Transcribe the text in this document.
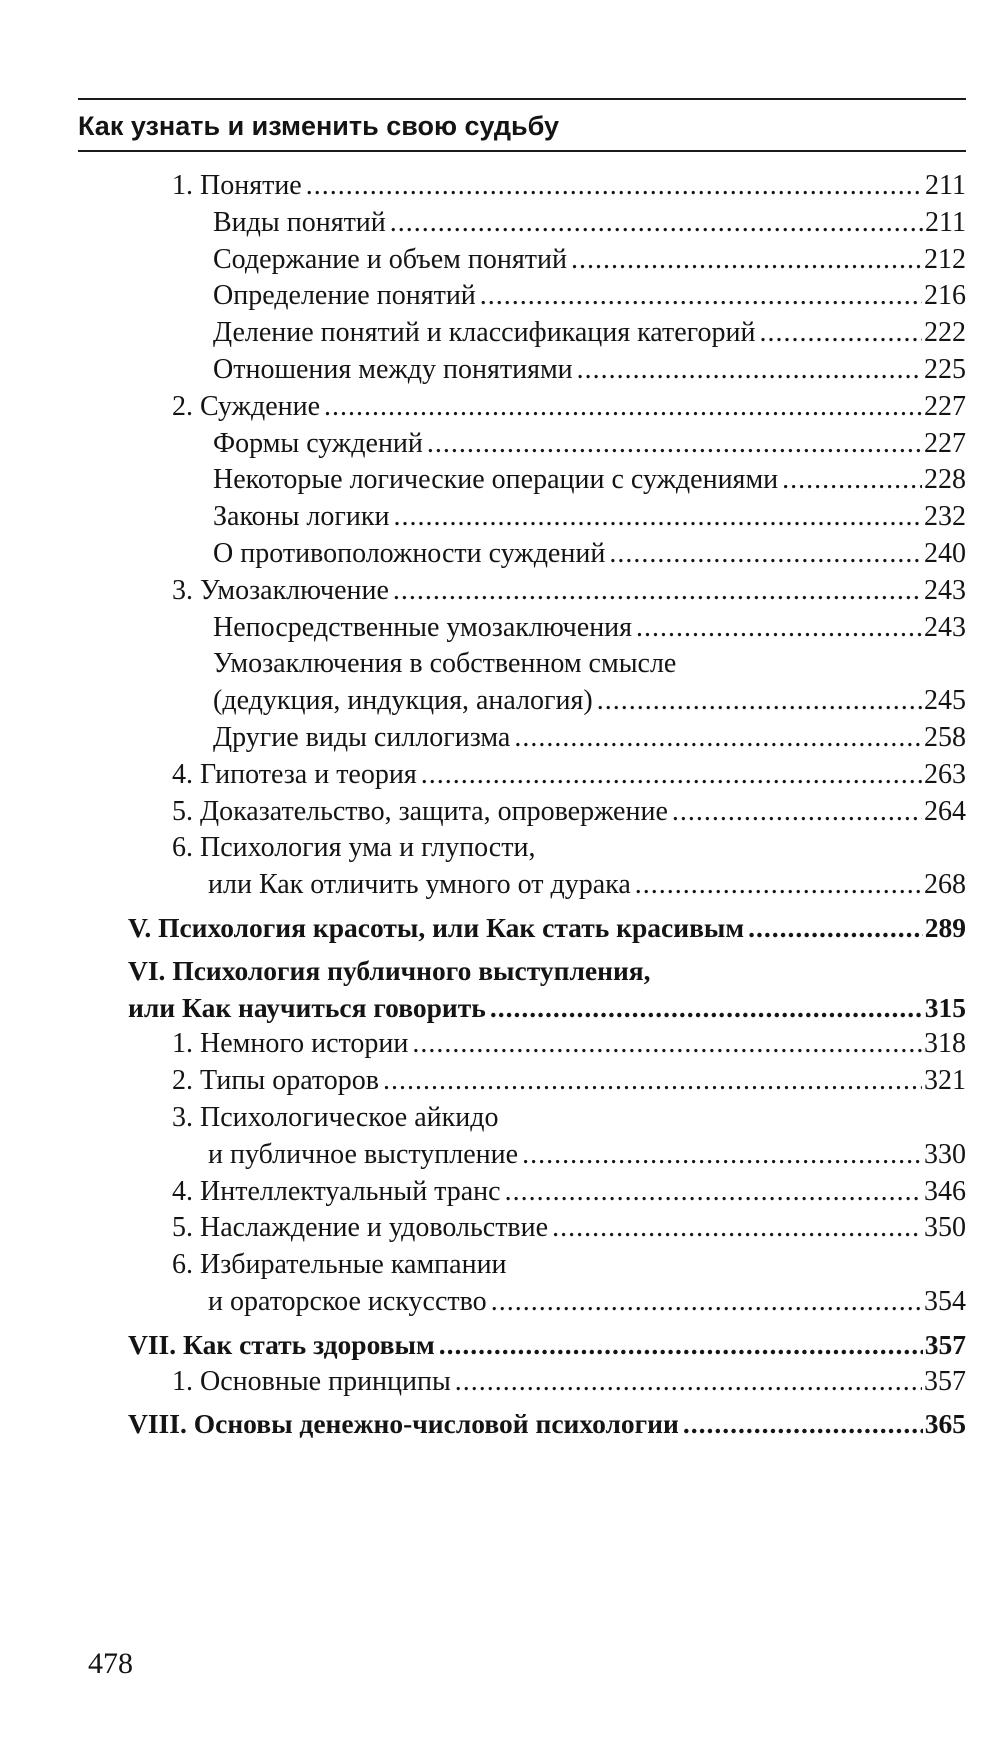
Как узнать и изменить свою судьбу
1. Понятие .....	211
Виды понятий .....	211
Содержание и объем понятий .....	212
Определение понятий .....	216
Деление понятий и классификация категорий .....	222
Отношения между понятиями .....	225
2. Суждение .....	227
Формы суждений .....	227
Некоторые логические операции с суждениями .....	228
Законы логики .....	232
О противоположности суждений .....	240
3. Умозаключение .....	243
Непосредственные умозаключения .....	243
Умозаключения в собственном смысле
(дедукция, индукция, аналогия) .....	245
Другие виды силлогизма .....	258
4. Гипотеза и теория .....	263
5. Доказательство, защита, опровержение .....	264
6. Психология ума и глупости,
или Как отличить умного от дурака .....	268
V. Психология красоты, или Как стать красивым .....	289
VI. Психология публичного выступления,
или Как научиться говорить .....	315
1. Немного истории .....	318
2. Типы ораторов .....	321
3. Психологическое айкидо
и публичное выступление .....	330
4. Интеллектуальный транс .....	346
5. Наслаждение и удовольствие .....	350
6. Избирательные кампании
и ораторское искусство .....	354
VII. Как стать здоровым .....	357
1. Основные принципы .....	357
VIII. Основы денежно-числовой психологии .....	365
478
